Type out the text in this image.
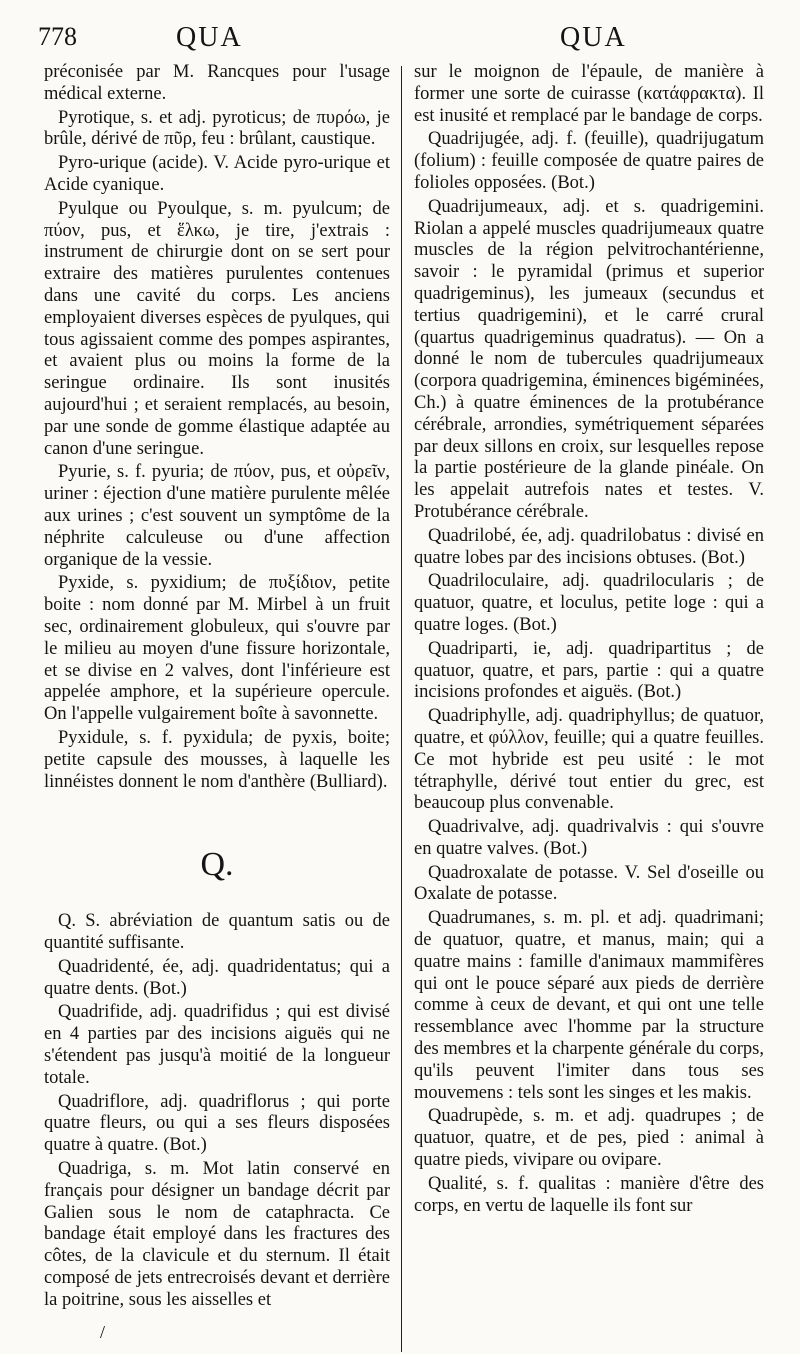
778	QUA	QUA

préconisée par M. Rancques pour l'usage médical externe.

Pyrotique, s. et adj. pyroticus; de πυρόω, je brûle, dérivé de πῦρ, feu : brûlant, caustique.

Pyro-urique (acide). V. Acide pyro-urique et Acide cyanique.

Pyulque ou Pyoulque, s. m. pyulcum; de πύον, pus, et ἕλκω, je tire, j'extrais : instrument de chirurgie dont on se sert pour extraire des matières purulentes contenues dans une cavité du corps. Les anciens employaient diverses espèces de pyulques, qui tous agissaient comme des pompes aspirantes, et avaient plus ou moins la forme de la seringue ordinaire. Ils sont inusités aujourd'hui ; et seraient remplacés, au besoin, par une sonde de gomme élastique adaptée au canon d'une seringue.

Pyurie, s. f. pyuria; de πύον, pus, et οὐρεῖν, uriner : éjection d'une matière purulente mêlée aux urines ; c'est souvent un symptôme de la néphrite calculeuse ou d'une affection organique de la vessie.

Pyxide, s. pyxidium; de πυξίδιον, petite boite : nom donné par M. Mirbel à un fruit sec, ordinairement globuleux, qui s'ouvre par le milieu au moyen d'une fissure horizontale, et se divise en 2 valves, dont l'inférieure est appelée amphore, et la supérieure opercule. On l'appelle vulgairement boîte à savonnette.

Pyxidule, s. f. pyxidula; de pyxis, boite; petite capsule des mousses, à laquelle les linnéistes donnent le nom d'anthère (Bulliard).

Q.

Q. S. abréviation de quantum satis ou de quantité suffisante.

Quadridenté, ée, adj. quadridentatus; qui a quatre dents. (Bot.)

Quadrifide, adj. quadrifidus ; qui est divisé en 4 parties par des incisions aiguës qui ne s'étendent pas jusqu'à moitié de la longueur totale.

Quadriflore, adj. quadriflorus ; qui porte quatre fleurs, ou qui a ses fleurs disposées quatre à quatre. (Bot.)

Quadriga, s. m. Mot latin conservé en français pour désigner un bandage décrit par Galien sous le nom de cataphracta. Ce bandage était employé dans les fractures des côtes, de la clavicule et du sternum. Il était composé de jets entrecroisés devant et derrière la poitrine, sous les aisselles et

sur le moignon de l'épaule, de manière à former une sorte de cuirasse (κατάφρακτα). Il est inusité et remplacé par le bandage de corps.

Quadrijugée, adj. f. (feuille), quadrijugatum (folium) : feuille composée de quatre paires de folioles opposées. (Bot.)

Quadrijumeaux, adj. et s. quadrigemini. Riolan a appelé muscles quadrijumeaux quatre muscles de la région pelvitrochantérienne, savoir : le pyramidal (primus et superior quadrigeminus), les jumeaux (secundus et tertius quadrigemini), et le carré crural (quartus quadrigeminus quadratus). — On a donné le nom de tubercules quadrijumeaux (corpora quadrigemina, éminences bigéminées, Ch.) à quatre éminences de la protubérance cérébrale, arrondies, symétriquement séparées par deux sillons en croix, sur lesquelles repose la partie postérieure de la glande pinéale. On les appelait autrefois nates et testes. V. Protubérance cérébrale.

Quadrilobé, ée, adj. quadrilobatus : divisé en quatre lobes par des incisions obtuses. (Bot.)

Quadriloculaire, adj. quadrilocularis ; de quatuor, quatre, et loculus, petite loge : qui a quatre loges. (Bot.)

Quadriparti, ie, adj. quadripartitus ; de quatuor, quatre, et pars, partie : qui a quatre incisions profondes et aiguës. (Bot.)

Quadriphylle, adj. quadriphyllus; de quatuor, quatre, et φύλλον, feuille; qui a quatre feuilles. Ce mot hybride est peu usité : le mot tétraphylle, dérivé tout entier du grec, est beaucoup plus convenable.

Quadrivalve, adj. quadrivalvis : qui s'ouvre en quatre valves. (Bot.)

Quadroxalate de potasse. V. Sel d'oseille ou Oxalate de potasse.

Quadrumanes, s. m. pl. et adj. quadrimani; de quatuor, quatre, et manus, main; qui a quatre mains : famille d'animaux mammifères qui ont le pouce séparé aux pieds de derrière comme à ceux de devant, et qui ont une telle ressemblance avec l'homme par la structure des membres et la charpente générale du corps, qu'ils peuvent l'imiter dans tous ses mouvemens : tels sont les singes et les makis.

Quadrupède, s. m. et adj. quadrupes ; de quatuor, quatre, et de pes, pied : animal à quatre pieds, vivipare ou ovipare.

Qualité, s. f. qualitas : manière d'être des corps, en vertu de laquelle ils font sur

/
